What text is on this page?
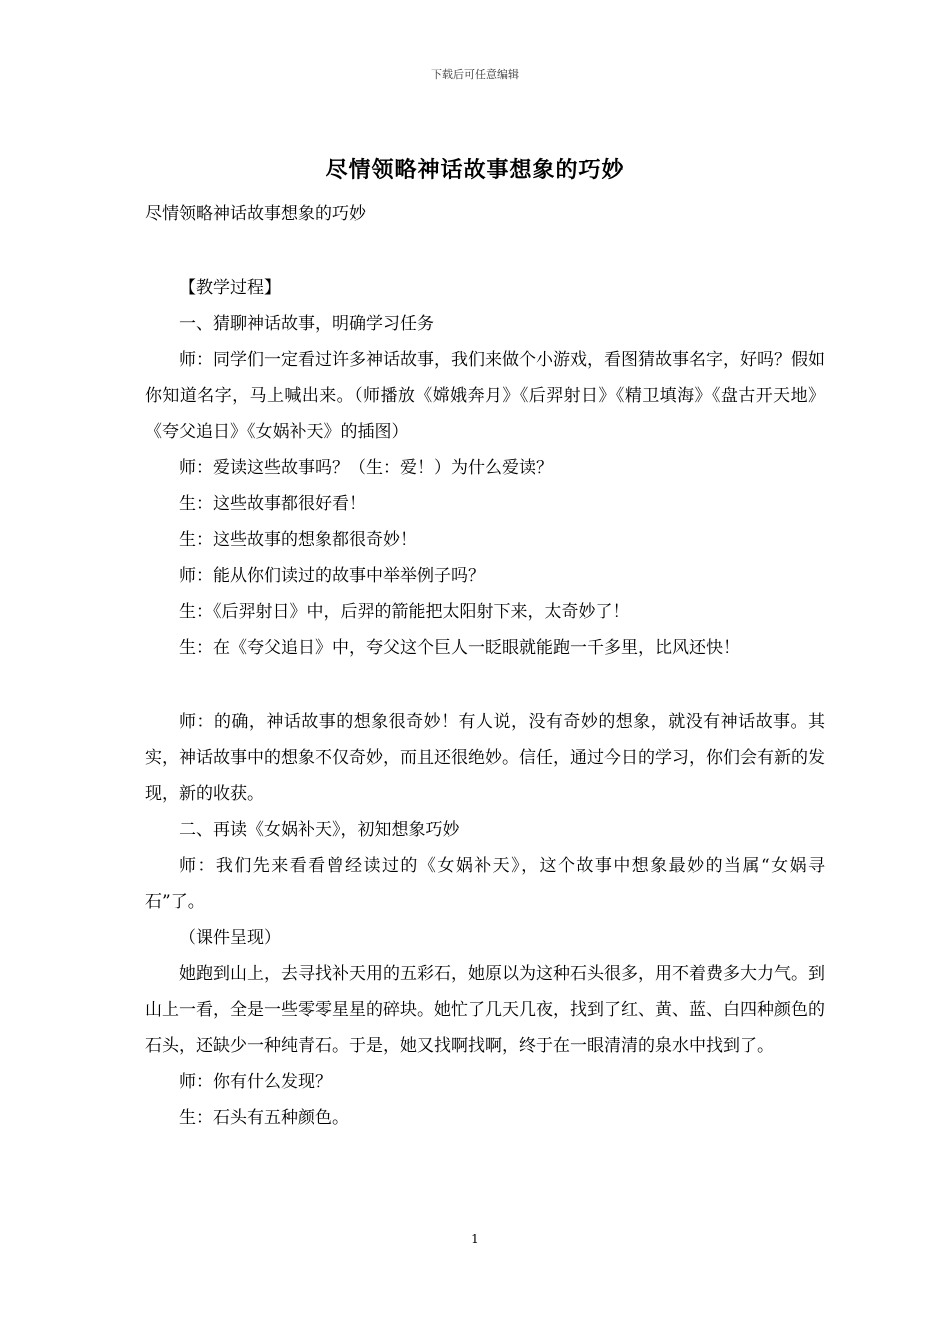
下载后可任意编辑
尽情领略神话故事想象的巧妙

尽情领略神话故事想象的巧妙

【教学过程】

一、猜聊神话故事，明确学习任务

师：同学们一定看过许多神话故事，我们来做个小游戏，看图猜故事名字，好吗？假如你知道名字，马上喊出来。（师播放《嫦娥奔月》《后羿射日》《精卫填海》《盘古开天地》《夸父追日》《女娲补天》的插图）

师：爱读这些故事吗？（生：爱！）为什么爱读？

生：这些故事都很好看！

生：这些故事的想象都很奇妙！

师：能从你们读过的故事中举举例子吗？

生：《后羿射日》中，后羿的箭能把太阳射下来，太奇妙了！

生：在《夸父追日》中，夸父这个巨人一眨眼就能跑一千多里，比风还快！

师：的确，神话故事的想象很奇妙！有人说，没有奇妙的想象，就没有神话故事。其实，神话故事中的想象不仅奇妙，而且还很绝妙。信任，通过今日的学习，你们会有新的发现，新的收获。

二、再读《女娲补天》，初知想象巧妙

师：我们先来看看曾经读过的《女娲补天》，这个故事中想象最妙的当属“女娲寻石”了。

（课件呈现）

她跑到山上，去寻找补天用的五彩石，她原以为这种石头很多，用不着费多大力气。到山上一看，全是一些零零星星的碎块。她忙了几天几夜，找到了红、黄、蓝、白四种颜色的石头，还缺少一种纯青石。于是，她又找啊找啊，终于在一眼清清的泉水中找到了。

师：你有什么发现？

生：石头有五种颜色。

1
